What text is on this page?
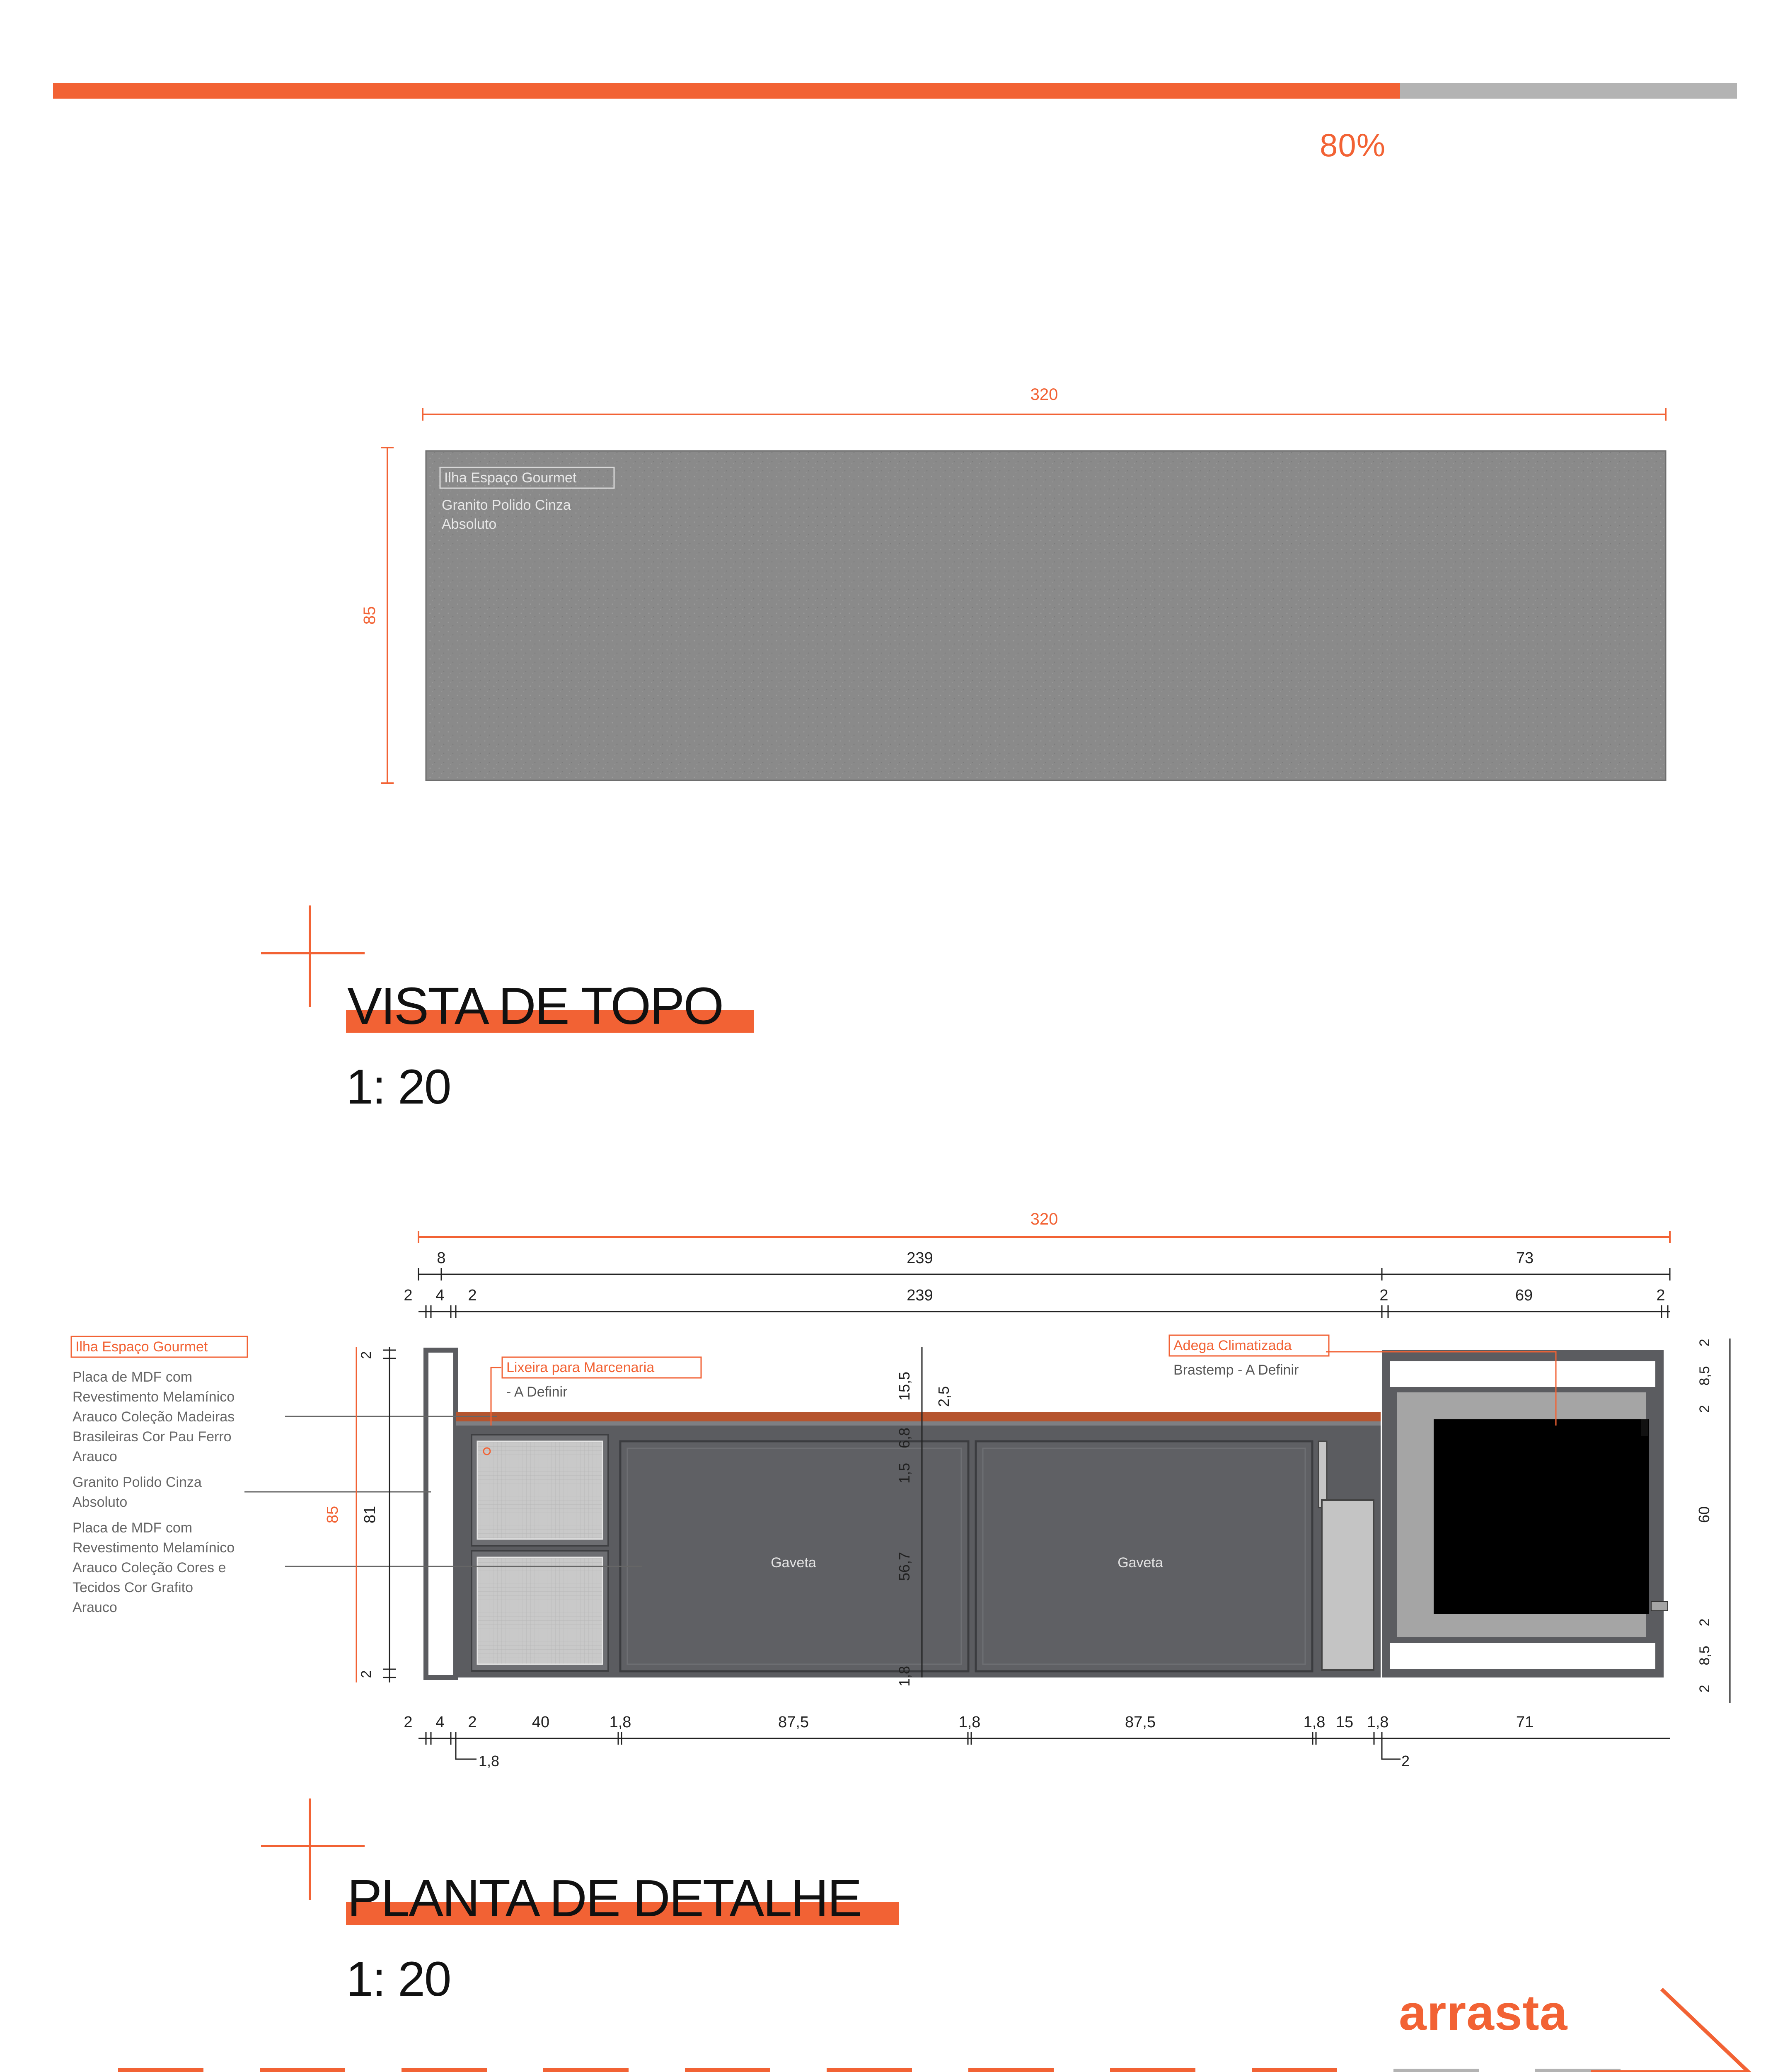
80%
320
85
Ilha Espaço Gourmet
Granito Polido Cinza
Absoluto
VISTA DE TOPO
1: 20
320
8	239	73
2 4 2	239	2	69	2
Gaveta	Gaveta
Ilha Espaço Gourmet
Placa de MDF com
Revestimento Melamínico
Arauco Coleção Madeiras
Brasileiras Cor Pau Ferro
Arauco
Granito Polido Cinza
Absoluto
Placa de MDF com
Revestimento Melamínico
Arauco Coleção Cores e
Tecidos Cor Grafito
Arauco
Lixeira para Marcenaria
- A Definir
Adega Climatizada
Brastemp - A Definir
2
81
85
2
15,5 2,5
6,8
1,5
56,7
1,8
2
8,5
2
60
2
8,5
2
2 4 2	40	1,8	87,5	1,8	87,5	1,8 15 1,8	71
1,8	2
PLANTA DE DETALHE
1: 20
arrasta
